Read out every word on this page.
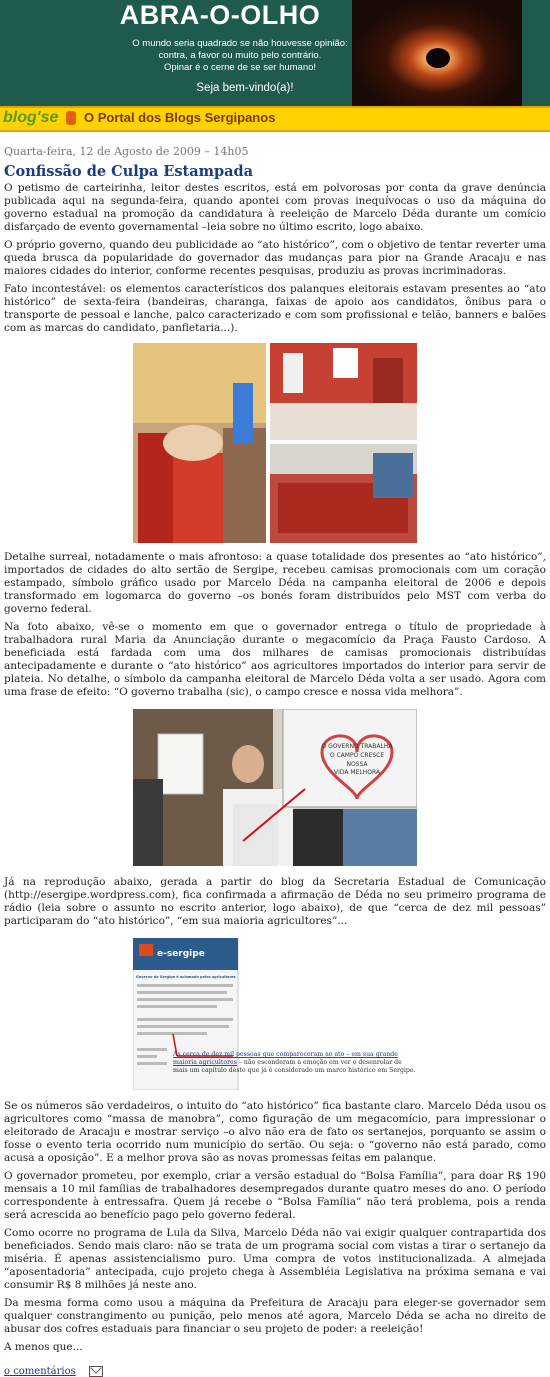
ABRA-O-OLHO
O mundo seria quadrado se não houvesse opinião:
contra, a favor ou muito pelo contrário.
Opinar é o cerne de se ser humano!
Seja bem-vindo(a)!
blog'se O Portal dos Blogs Sergipanos
Quarta-feira, 12 de Agosto de 2009 – 14h05
Confissão de Culpa Estampada

O petismo de carteirinha, leitor destes escritos, está em polvorosas por conta da grave denúncia publicada aqui na segunda-feira, quando apontei com provas inequívocas o uso da máquina do governo estadual na promoção da candidatura à reeleição de Marcelo Déda durante um comício disfarçado de evento governamental –leia sobre no último escrito, logo abaixo.

O próprio governo, quando deu publicidade ao “ato histórico”, com o objetivo de tentar reverter uma queda brusca da popularidade do governador das mudanças para pior na Grande Aracaju e nas maiores cidades do interior, conforme recentes pesquisas, produziu as provas incriminadoras.

Fato incontestável: os elementos característicos dos palanques eleitorais estavam presentes ao “ato histórico” de sexta-feira (bandeiras, charanga, faixas de apoio aos candidatos, ônibus para o transporte de pessoal e lanche, palco caracterizado e com som profissional e telão, banners e balões com as marcas do candidato, panfletaria...).

Detalhe surreal, notadamente o mais afrontoso: a quase totalidade dos presentes ao “ato histórico”, importados de cidades do alto sertão de Sergipe, recebeu camisas promocionais com um coração estampado, símbolo gráfico usado por Marcelo Déda na campanha eleitoral de 2006 e depois transformado em logomarca do governo –os bonés foram distribuídos pelo MST com verba do governo federal.

Na foto abaixo, vê-se o momento em que o governador entrega o título de propriedade à trabalhadora rural Maria da Anunciação durante o megacomício da Praça Fausto Cardoso. A beneficiada está fardada com uma dos milhares de camisas promocionais distribuídas antecipadamente e durante o “ato histórico” aos agricultores importados do interior para servir de plateia. No detalhe, o símbolo da campanha eleitoral de Marcelo Déda volta a ser usado. Agora com uma frase de efeito: “O governo trabalha (sic), o campo cresce e nossa vida melhora”.

O GOVERNO TRABALHA
O CAMPO CRESCE
NOSSA
VIDA MELHORA

Já na reprodução abaixo, gerada a partir do blog da Secretaria Estadual de Comunicação (http://esergipe.wordpress.com), fica confirmada a afirmação de Déda no seu primeiro programa de rádio (leia sobre o assunto no escrito anterior, logo abaixo), de que “cerca de dez mil pessoas” participaram do “ato histórico”, “em sua maioria agricultores”...

e-sergipe
Governo de Sergipe é aclamado pelos agricultores
As cerca de dez mil pessoas que compareceram ao ato – em sua grande maioria agricultores – não esconderam a emoção em ver o desenrolar de mais um capítulo deste que já é considerado um marco histórico em Sergipe.

Se os números são verdadeiros, o intuito do “ato histórico” fica bastante claro. Marcelo Déda usou os agricultores como “massa de manobra”, como figuração de um megacomício, para impressionar o eleitorado de Aracaju e mostrar serviço –o alvo não era de fato os sertanejos, porquanto se assim o fosse o evento teria ocorrido num município do sertão. Ou seja: o “governo não está parado, como acusa a oposição”. E a melhor prova são as novas promessas feitas em palanque.

O governador prometeu, por exemplo, criar a versão estadual do “Bolsa Família”, para doar R$ 190 mensais a 10 mil famílias de trabalhadores desempregados durante quatro meses do ano. O período correspondente à entressafra. Quem já recebe o “Bolsa Família” não terá problema, pois a renda será acrescida ao benefício pago pelo governo federal.

Como ocorre no programa de Lula da Silva, Marcelo Déda não vai exigir qualquer contrapartida dos beneficiados. Sendo mais claro: não se trata de um programa social com vistas a tirar o sertanejo da miséria. É apenas assistencialismo puro. Uma compra de votos institucionalizada. A almejada “aposentadoria” antecipada, cujo projeto chega à Assembléia Legislativa na próxima semana e vai consumir R$ 8 milhões já neste ano.

Da mesma forma como usou a máquina da Prefeitura de Aracaju para eleger-se governador sem qualquer constrangimento ou punição, pelo menos até agora, Marcelo Déda se acha no direito de abusar dos cofres estaduais para financiar o seu projeto de poder: a reeleição!

A menos que...

o comentários
